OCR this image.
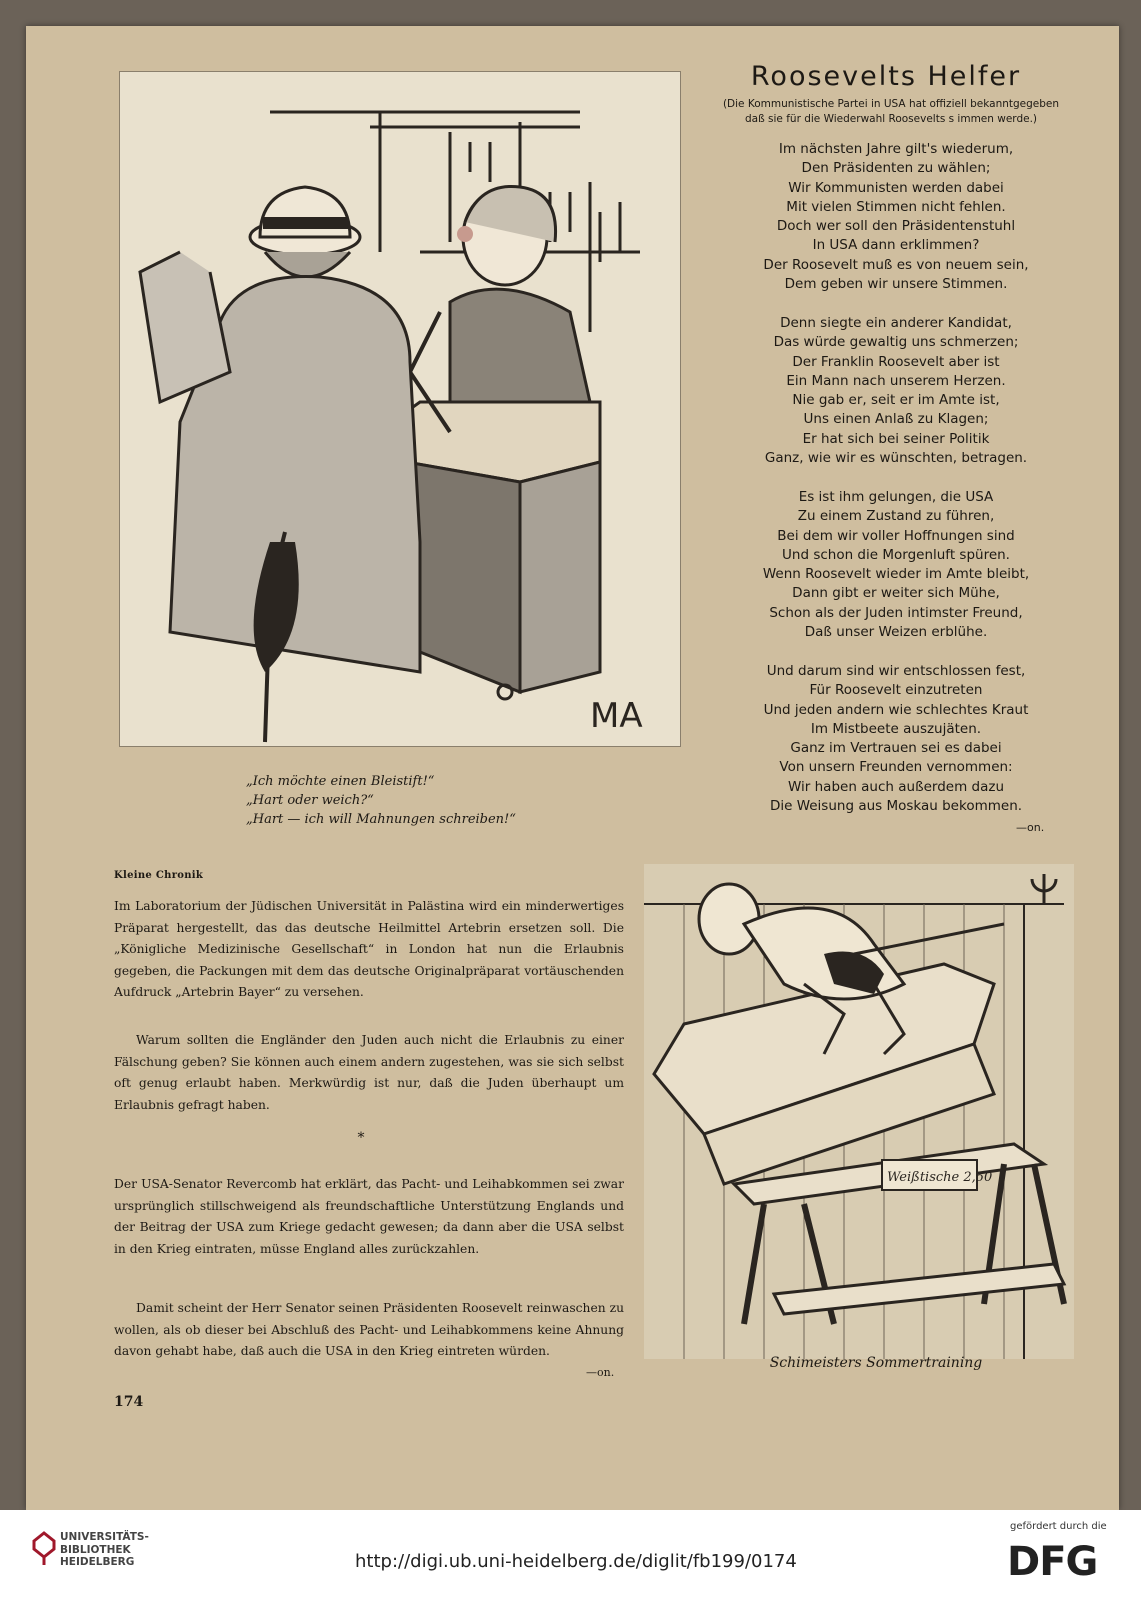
MA
Roosevelts Helfer
(Die Kommunistische Partei in USA hat offiziell bekanntgegeben
daß sie für die Wiederwahl Roosevelts s immen werde.)
Im nächsten Jahre gilt's wiederum,
Den Präsidenten zu wählen;
Wir Kommunisten werden dabei
Mit vielen Stimmen nicht fehlen.
Doch wer soll den Präsidentenstuhl
In USA dann erklimmen?
Der Roosevelt muß es von neuem sein,
Dem geben wir unsere Stimmen.
Denn siegte ein anderer Kandidat,
Das würde gewaltig uns schmerzen;
Der Franklin Roosevelt aber ist
Ein Mann nach unserem Herzen.
Nie gab er, seit er im Amte ist,
Uns einen Anlaß zu Klagen;
Er hat sich bei seiner Politik
Ganz, wie wir es wünschten, betragen.
Es ist ihm gelungen, die USA
Zu einem Zustand zu führen,
Bei dem wir voller Hoffnungen sind
Und schon die Morgenluft spüren.
Wenn Roosevelt wieder im Amte bleibt,
Dann gibt er weiter sich Mühe,
Schon als der Juden intimster Freund,
Daß unser Weizen erblühe.
Und darum sind wir entschlossen fest,
Für Roosevelt einzutreten
Und jeden andern wie schlechtes Kraut
Im Mistbeete auszujäten.
Ganz im Vertrauen sei es dabei
Von unsern Freunden vernommen:
Wir haben auch außerdem dazu
Die Weisung aus Moskau bekommen.
—on.
„Ich möchte einen Bleistift!“
„Hart oder weich?“
„Hart — ich will Mahnungen schreiben!“
Kleine Chronik
Im Laboratorium der Jüdischen Universität in Palästina wird ein minderwertiges Präparat hergestellt, das das deutsche Heilmittel Artebrin ersetzen soll. Die „Königliche Medizinische Gesellschaft“ in London hat nun die Erlaubnis gegeben, die Packungen mit dem das deutsche Originalpräparat vortäuschenden Aufdruck „Artebrin Bayer“ zu versehen.
Warum sollten die Engländer den Juden auch nicht die Erlaubnis zu einer Fälschung geben? Sie können auch einem andern zugestehen, was sie sich selbst oft genug erlaubt haben. Merkwürdig ist nur, daß die Juden überhaupt um Erlaubnis gefragt haben.
*
Der USA-Senator Revercomb hat erklärt, das Pacht- und Leihabkommen sei zwar ursprünglich stillschweigend als freundschaftliche Unterstützung Englands und der Beitrag der USA zum Kriege gedacht gewesen; da dann aber die USA selbst in den Krieg eintraten, müsse England alles zurückzahlen.
Damit scheint der Herr Senator seinen Präsidenten Roosevelt reinwaschen zu wollen, als ob dieser bei Abschluß des Pacht- und Leihabkommens keine Ahnung davon gehabt habe, daß auch die USA in den Krieg eintreten würden.
—on.
174
Weißtische 2,50
Schimeisters Sommertraining
UNIVERSITÄTS-
BIBLIOTHEK
HEIDELBERG	http://digi.ub.uni-heidelberg.de/diglit/fb199/0174
gefördert durch die
DFG
